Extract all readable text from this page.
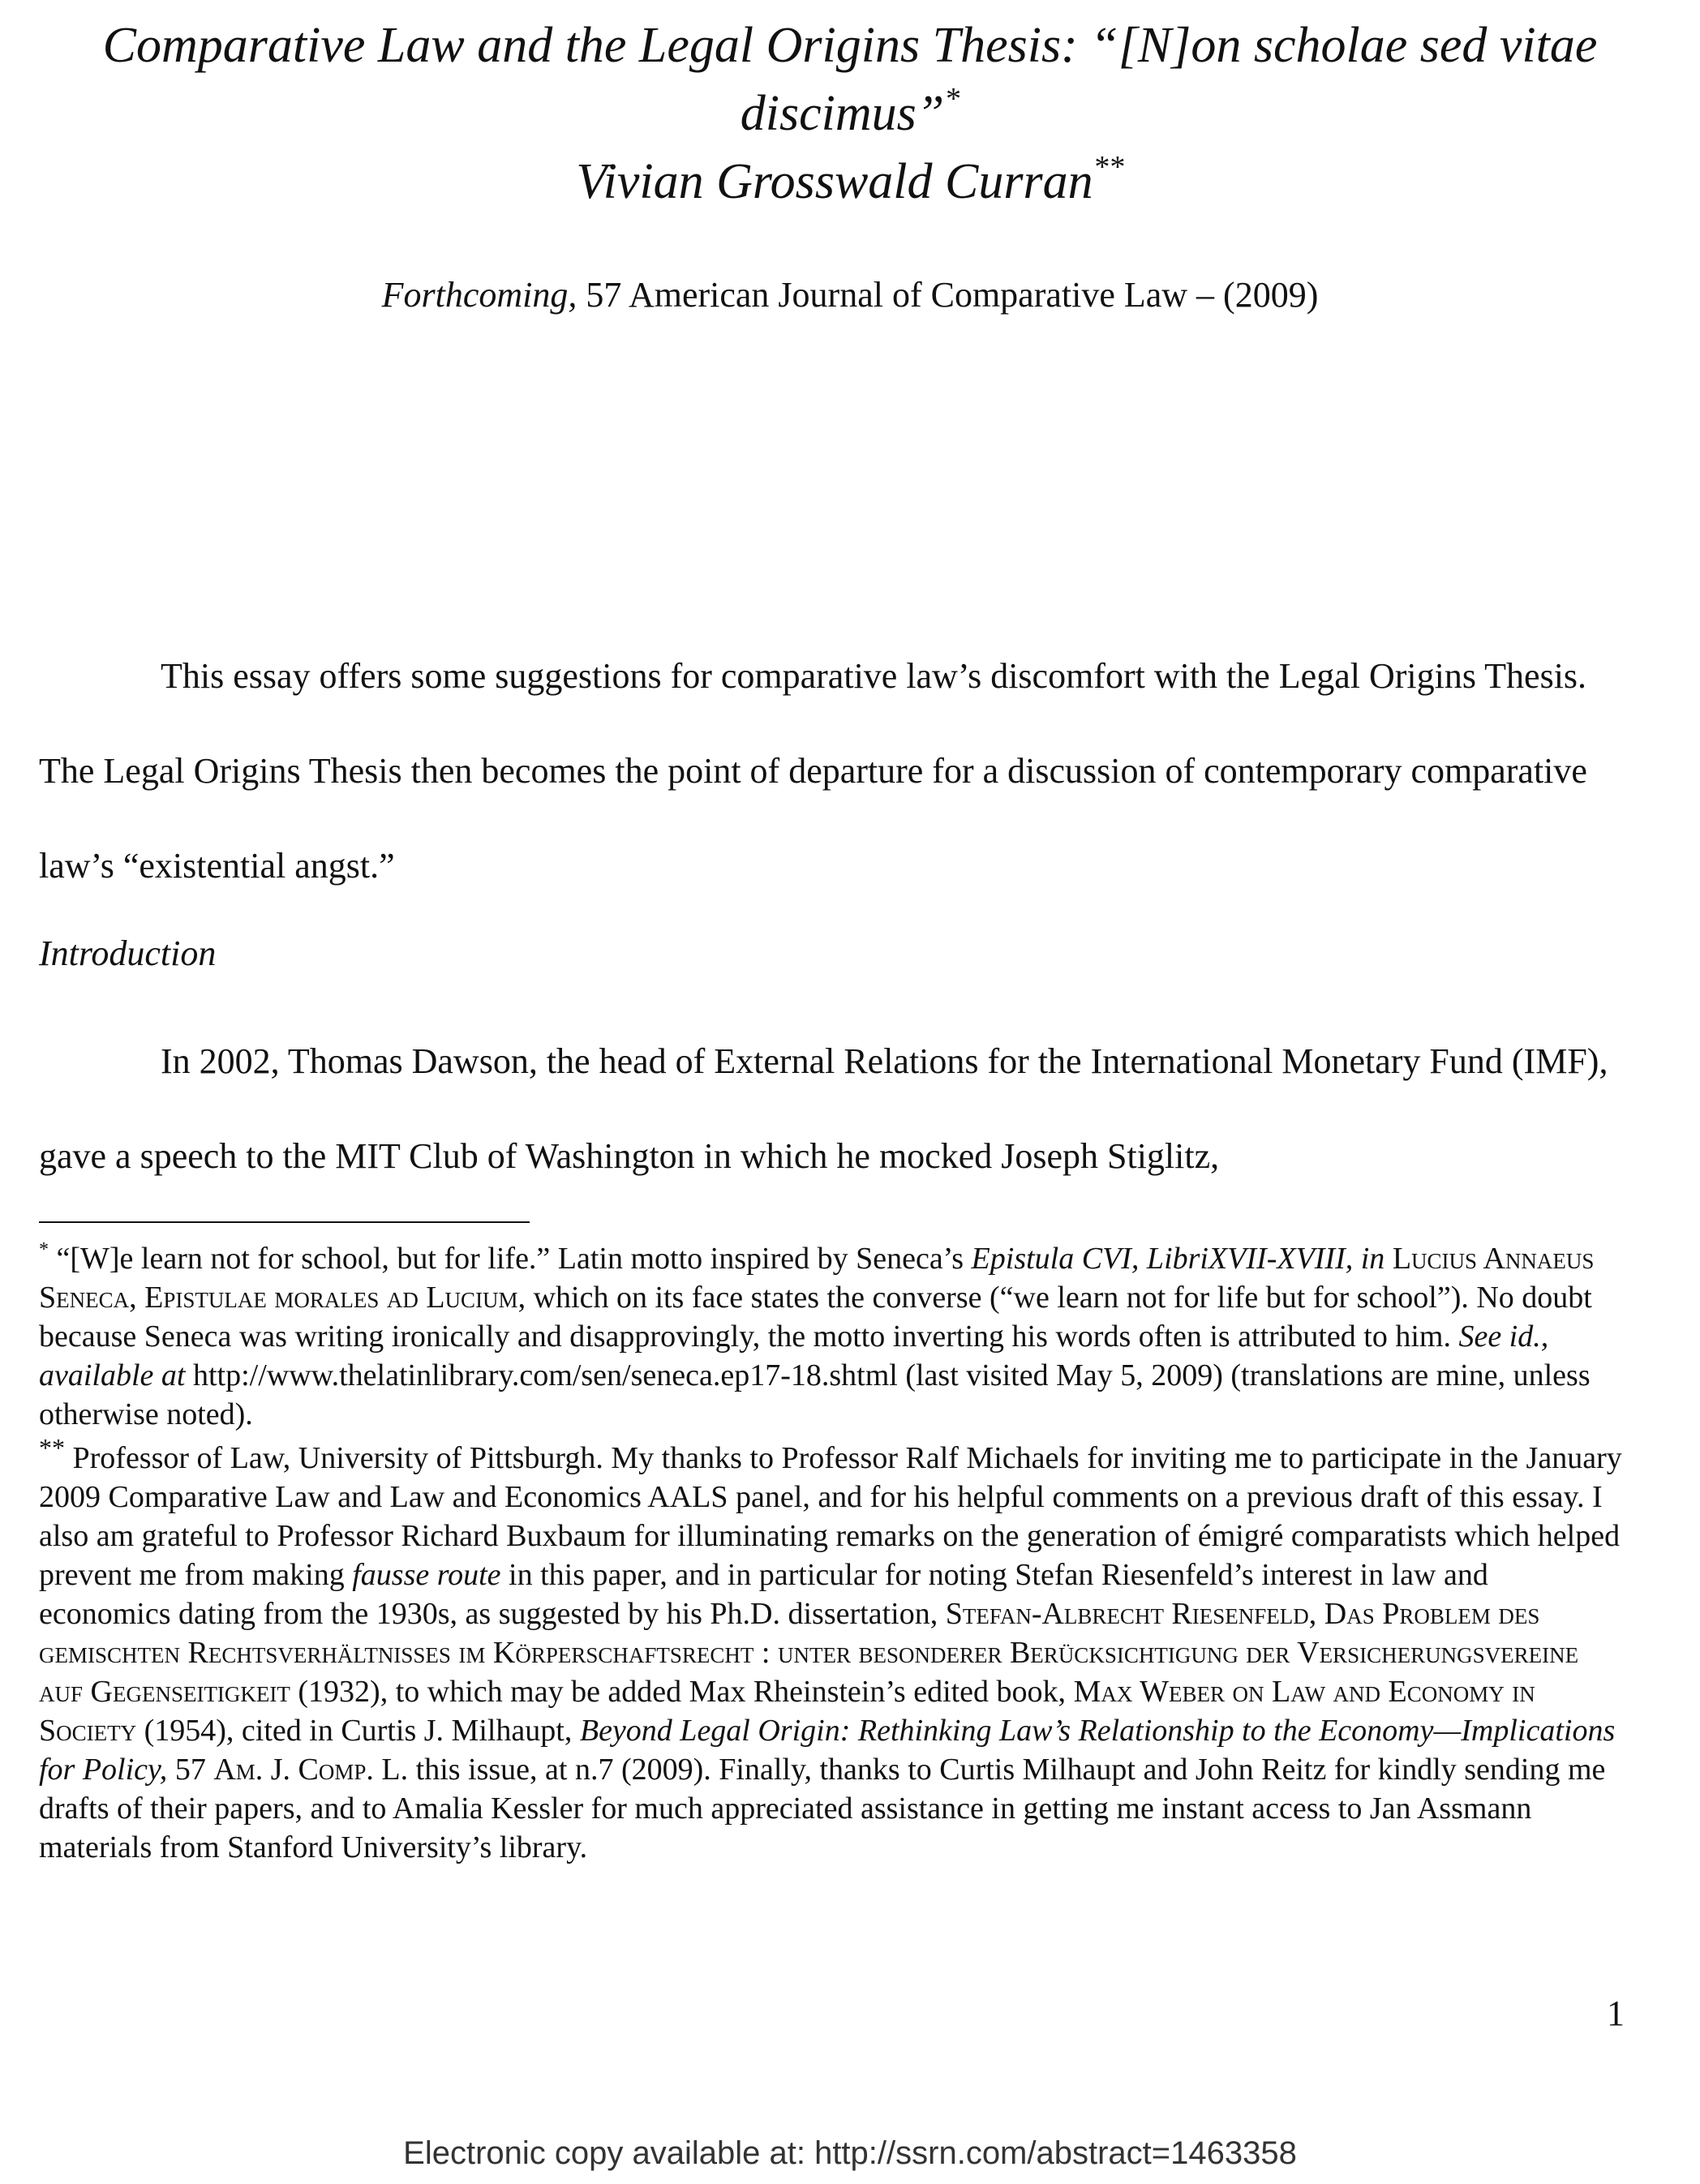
Comparative Law and the Legal Origins Thesis: “[N]on scholae sed vitae discimus”*
Vivian Grosswald Curran**

Forthcoming, 57 American Journal of Comparative Law – (2009)

This essay offers some suggestions for comparative law’s discomfort with the Legal Origins Thesis. The Legal Origins Thesis then becomes the point of departure for a discussion of contemporary comparative law’s “existential angst.”

Introduction

In 2002, Thomas Dawson, the head of External Relations for the International Monetary Fund (IMF), gave a speech to the MIT Club of Washington in which he mocked Joseph Stiglitz,

* “[W]e learn not for school, but for life.” Latin motto inspired by Seneca’s Epistula CVI, LibriXVII-XVIII, in Lucius Annaeus Seneca, Epistulae morales ad Lucium, which on its face states the converse (“we learn not for life but for school”). No doubt because Seneca was writing ironically and disapprovingly, the motto inverting his words often is attributed to him. See id., available at http://www.thelatinlibrary.com/sen/seneca.ep17-18.shtml (last visited May 5, 2009) (translations are mine, unless otherwise noted).

** Professor of Law, University of Pittsburgh. My thanks to Professor Ralf Michaels for inviting me to participate in the January 2009 Comparative Law and Law and Economics AALS panel, and for his helpful comments on a previous draft of this essay. I also am grateful to Professor Richard Buxbaum for illuminating remarks on the generation of émigré comparatists which helped prevent me from making fausse route in this paper, and in particular for noting Stefan Riesenfeld’s interest in law and economics dating from the 1930s, as suggested by his Ph.D. dissertation, Stefan-Albrecht Riesenfeld, Das Problem des gemischten Rechtsverhältnisses im Körperschaftsrecht : unter besonderer Berücksichtigung der Versicherungsvereine auf Gegenseitigkeit (1932), to which may be added Max Rheinstein’s edited book, Max Weber on Law and Economy in Society (1954), cited in Curtis J. Milhaupt, Beyond Legal Origin: Rethinking Law’s Relationship to the Economy—Implications for Policy, 57 Am. J. Comp. L. this issue, at n.7 (2009). Finally, thanks to Curtis Milhaupt and John Reitz for kindly sending me drafts of their papers, and to Amalia Kessler for much appreciated assistance in getting me instant access to Jan Assmann materials from Stanford University’s library.

1

Electronic copy available at: http://ssrn.com/abstract=1463358
